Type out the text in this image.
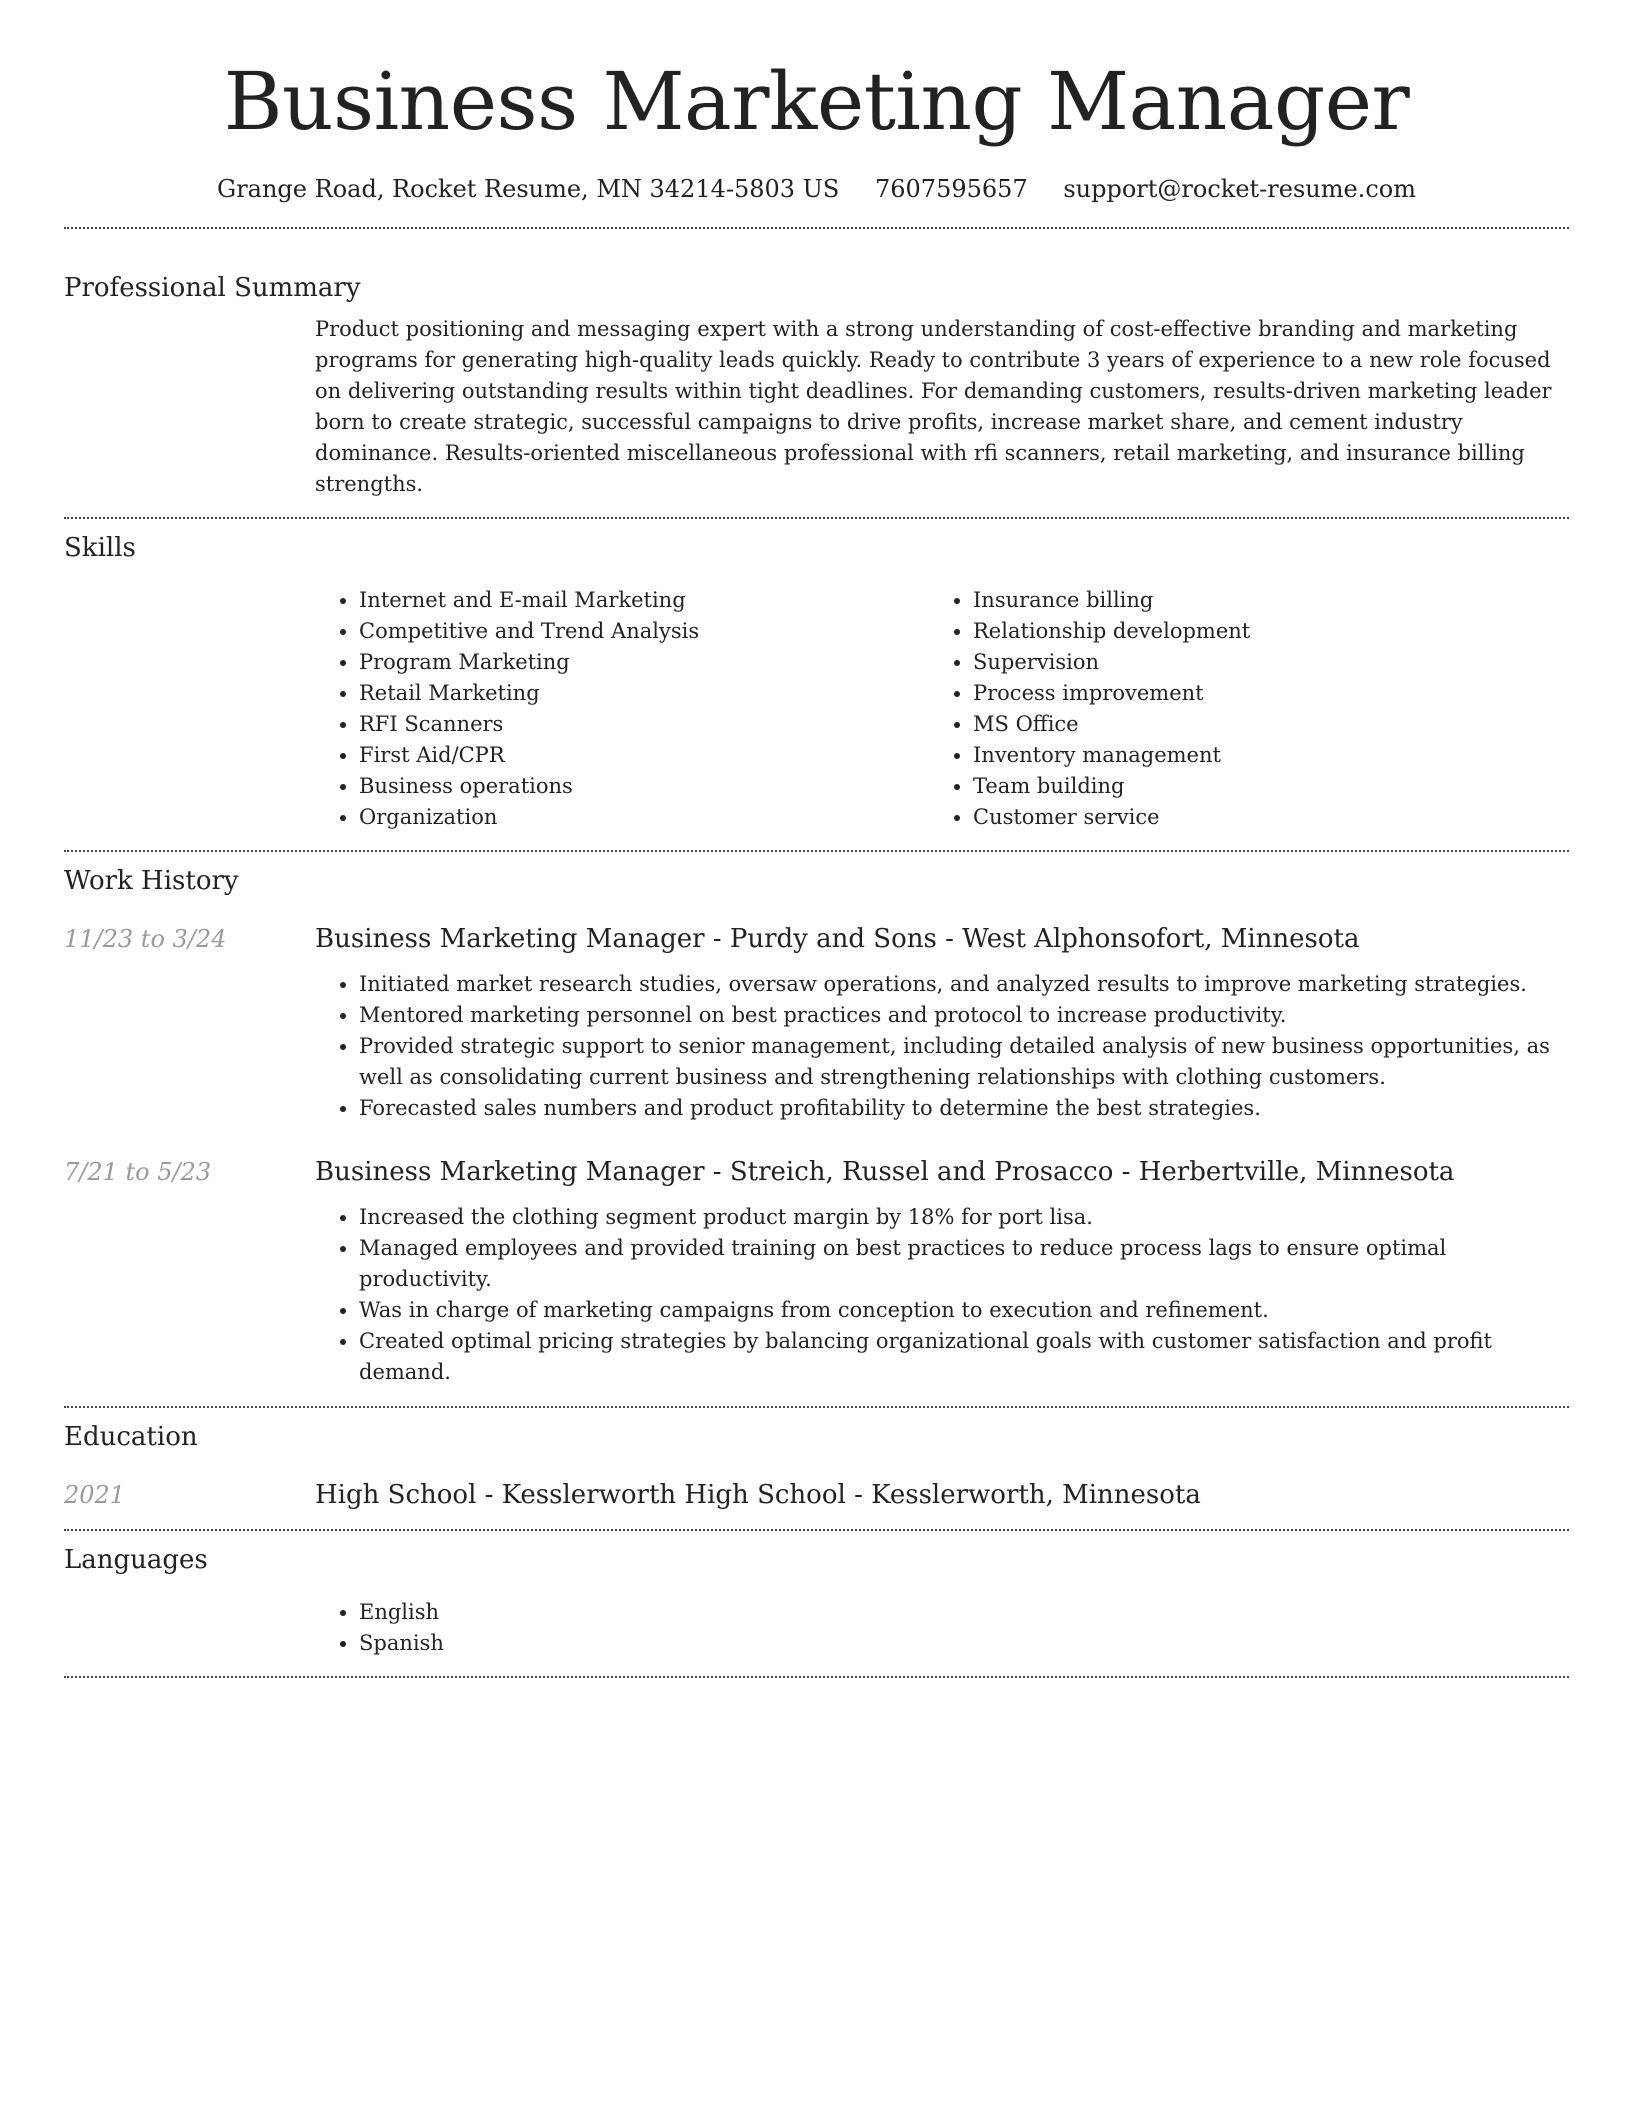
Business Marketing Manager
Grange Road, Rocket Resume, MN 34214-5803 US 7607595657 support@rocket-resume.com
Professional Summary
Product positioning and messaging expert with a strong understanding of cost-effective branding and marketing programs for generating high-quality leads quickly. Ready to contribute 3 years of experience to a new role focused on delivering outstanding results within tight deadlines. For demanding customers, results-driven marketing leader born to create strategic, successful campaigns to drive profits, increase market share, and cement industry dominance. Results-oriented miscellaneous professional with rfi scanners, retail marketing, and insurance billing strengths.
Skills
• Internet and E-mail Marketing
• Competitive and Trend Analysis
• Program Marketing
• Retail Marketing
• RFI Scanners
• First Aid/CPR
• Business operations
• Organization
• Insurance billing
• Relationship development
• Supervision
• Process improvement
• MS Office
• Inventory management
• Team building
• Customer service
Work History
11/23 to 3/24	Business Marketing Manager - Purdy and Sons - West Alphonsofort, Minnesota
• Initiated market research studies, oversaw operations, and analyzed results to improve marketing strategies.
• Mentored marketing personnel on best practices and protocol to increase productivity.
• Provided strategic support to senior management, including detailed analysis of new business opportunities, as well as consolidating current business and strengthening relationships with clothing customers.
• Forecasted sales numbers and product profitability to determine the best strategies.
7/21 to 5/23	Business Marketing Manager - Streich, Russel and Prosacco - Herbertville, Minnesota
• Increased the clothing segment product margin by 18% for port lisa.
• Managed employees and provided training on best practices to reduce process lags to ensure optimal productivity.
• Was in charge of marketing campaigns from conception to execution and refinement.
• Created optimal pricing strategies by balancing organizational goals with customer satisfaction and profit demand.
Education
2021	High School - Kesslerworth High School - Kesslerworth, Minnesota
Languages
• English
• Spanish
